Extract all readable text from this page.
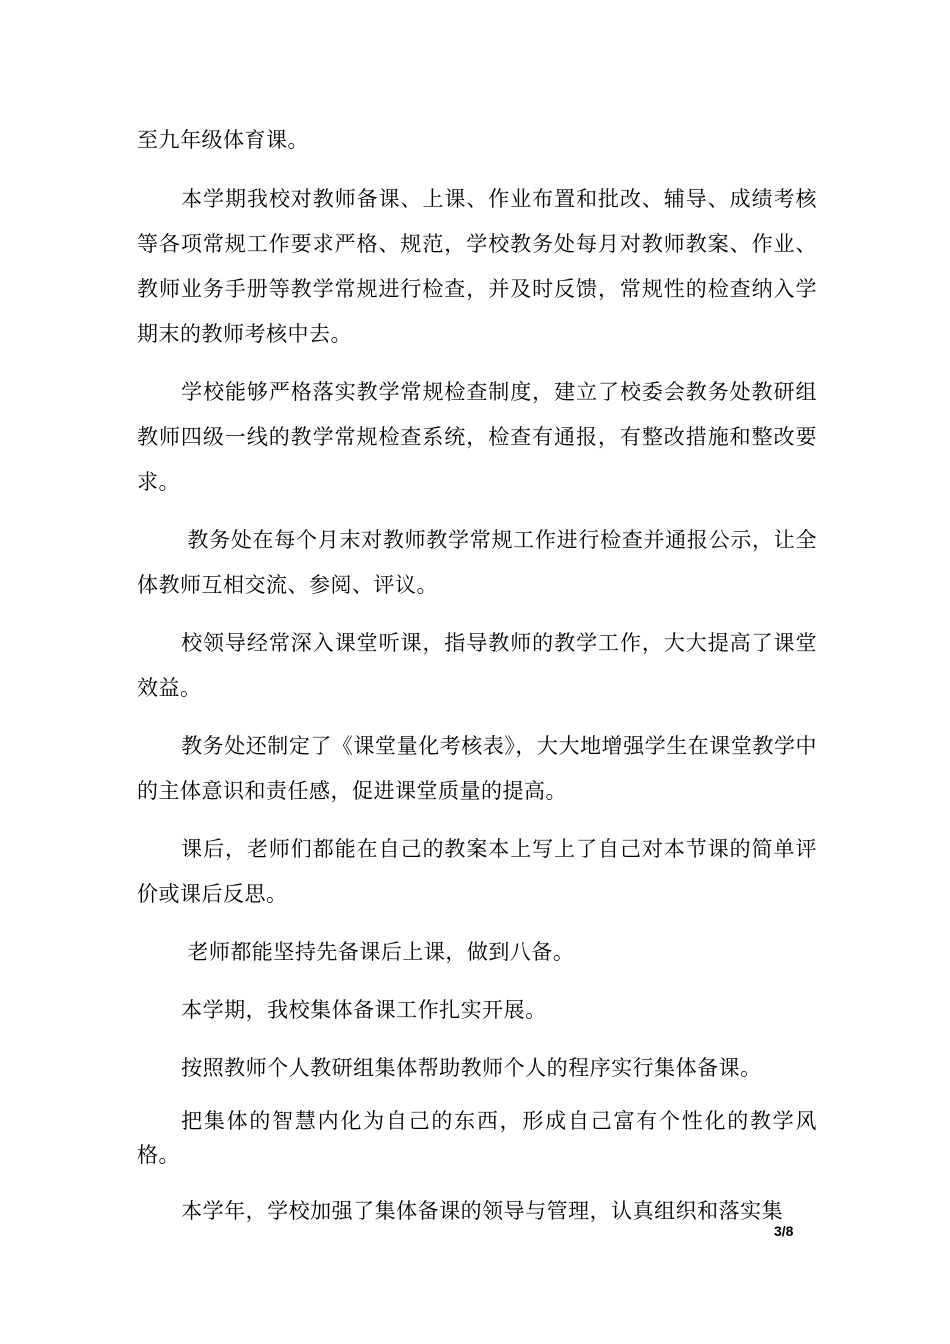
至九年级体育课。

本学期我校对教师备课、上课、作业布置和批改、辅导、成绩考核等各项常规工作要求严格、规范，学校教务处每月对教师教案、作业、教师业务手册等教学常规进行检查，并及时反馈，常规性的检查纳入学期末的教师考核中去。

学校能够严格落实教学常规检查制度，建立了校委会教务处教研组教师四级一线的教学常规检查系统，检查有通报，有整改措施和整改要求。

教务处在每个月末对教师教学常规工作进行检查并通报公示，让全体教师互相交流、参阅、评议。

校领导经常深入课堂听课，指导教师的教学工作，大大提高了课堂效益。

教务处还制定了《课堂量化考核表》，大大地增强学生在课堂教学中的主体意识和责任感，促进课堂质量的提高。

课后，老师们都能在自己的教案本上写上了自己对本节课的简单评价或课后反思。

老师都能坚持先备课后上课，做到八备。

本学期，我校集体备课工作扎实开展。

按照教师个人教研组集体帮助教师个人的程序实行集体备课。

把集体的智慧内化为自己的东西，形成自己富有个性化的教学风格。

本学年，学校加强了集体备课的领导与管理，认真组织和落实集

3/8
